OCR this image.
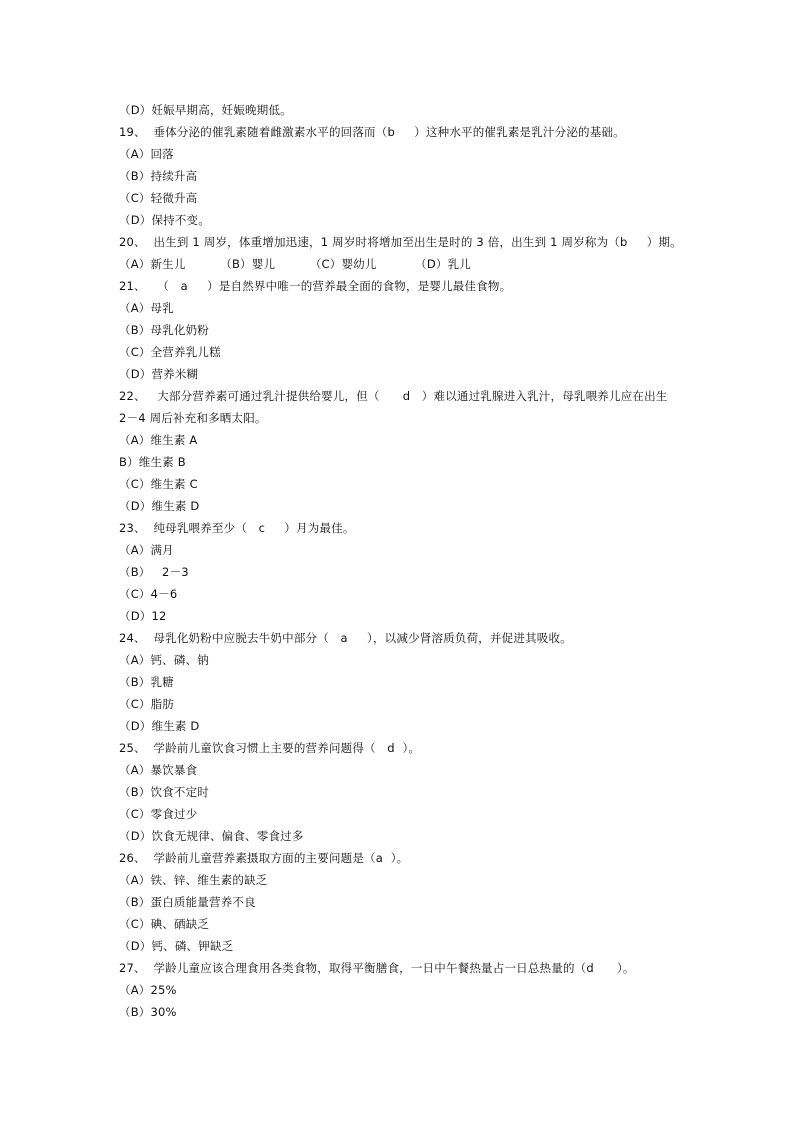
（D）妊娠早期高，妊娠晚期低。
19、  垂体分泌的催乳素随着雌激素水平的回落而（b     ）这种水平的催乳素是乳汁分泌的基础。
（A）回落
（B）持续升高
（C）轻微升高
（D）保持不变。
20、  出生到 1 周岁，体重增加迅速，1 周岁时将增加至出生是时的 3 倍，出生到 1 周岁称为（b     ）期。
（A）新生儿         （B）婴儿         （C）婴幼儿          （D）乳儿
21、   （   a     ）是自然界中唯一的营养最全面的食物，是婴儿最佳食物。
（A）母乳
（B）母乳化奶粉
（C）全营养乳儿糕
（D）营养米糊
22、   大部分营养素可通过乳汁提供给婴儿，但（      d   ）难以通过乳腺进入乳汁，母乳喂养儿应在出生
2－4 周后补充和多晒太阳。
（A）维生素 A
B）维生素 B
（C）维生素 C
（D）维生素 D
23、  纯母乳喂养至少（   c     ）月为最佳。
（A）满月
（B）   2－3
（C）4－6
（D）12
24、  母乳化奶粉中应脱去牛奶中部分（   a     ），以减少肾溶质负荷，并促进其吸收。
（A）钙、磷、钠
（B）乳糖
（C）脂肪
（D）维生素 D
25、  学龄前儿童饮食习惯上主要的营养问题得（   d  ）。
（A）暴饮暴食
（B）饮食不定时
（C）零食过少
（D）饮食无规律、偏食、零食过多
26、  学龄前儿童营养素摄取方面的主要问题是（a  ）。
（A）铁、锌、维生素的缺乏
（B）蛋白质能量营养不良
（C）碘、硒缺乏
（D）钙、磷、钾缺乏
27、  学龄儿童应该合理食用各类食物，取得平衡膳食，一日中午餐热量占一日总热量的（d      ）。
（A）25%
（B）30%
